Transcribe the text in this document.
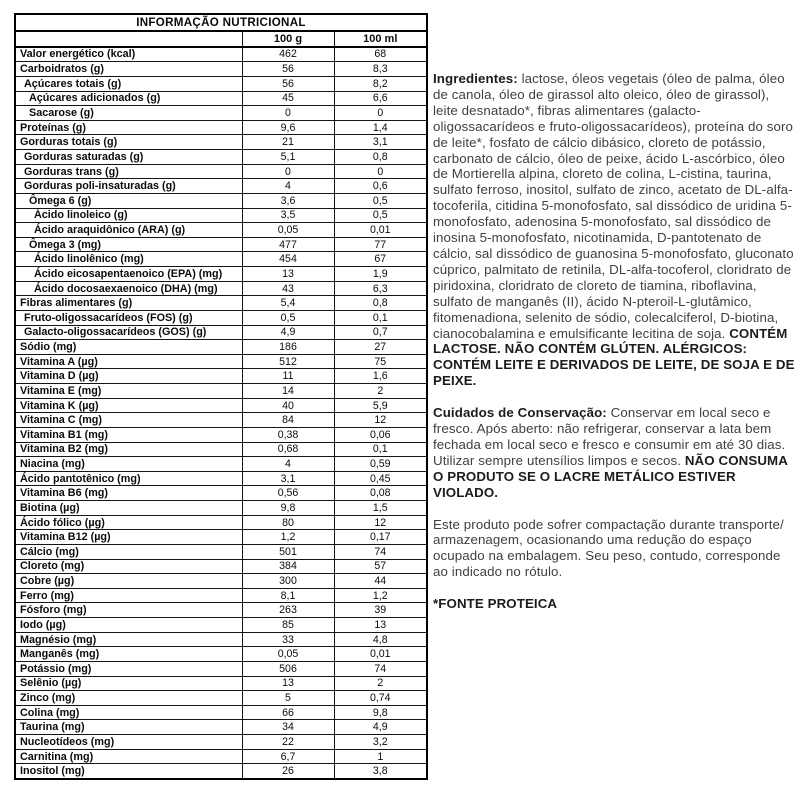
INFORMAÇÃO NUTRICIONAL		
	100 g	100 ml
Valor energético (kcal)	462	68
Carboidratos (g)	56	8,3
Açúcares totais (g)	56	8,2
Açúcares adicionados (g)	45	6,6
Sacarose (g)	0	0
Proteínas (g)	9,6	1,4
Gorduras totais (g)	21	3,1
Gorduras saturadas (g)	5,1	0,8
Gorduras trans (g)	0	0
Gorduras poli-insaturadas (g)	4	0,6
Ômega 6 (g)	3,6	0,5
Ácido linoleico (g)	3,5	0,5
Ácido araquidônico (ARA) (g)	0,05	0,01
Ômega 3 (mg)	477	77
Ácido linolênico (mg)	454	67
Ácido eicosapentaenoico (EPA) (mg)	13	1,9
Ácido docosaexaenoico (DHA) (mg)	43	6,3
Fibras alimentares (g)	5,4	0,8
Fruto-oligossacarídeos (FOS) (g)	0,5	0,1
Galacto-oligossacarídeos (GOS) (g)	4,9	0,7
Sódio (mg)	186	27
Vitamina A (µg)	512	75
Vitamina D (µg)	11	1,6
Vitamina E (mg)	14	2
Vitamina K (µg)	40	5,9
Vitamina C (mg)	84	12
Vitamina B1 (mg)	0,38	0,06
Vitamina B2 (mg)	0,68	0,1
Niacina (mg)	4	0,59
Ácido pantotênico (mg)	3,1	0,45
Vitamina B6 (mg)	0,56	0,08
Biotina (µg)	9,8	1,5
Ácido fólico (µg)	80	12
Vitamina B12 (µg)	1,2	0,17
Cálcio (mg)	501	74
Cloreto (mg)	384	57
Cobre (µg)	300	44
Ferro (mg)	8,1	1,2
Fósforo (mg)	263	39
Iodo (µg)	85	13
Magnésio (mg)	33	4,8
Manganês (mg)	0,05	0,01
Potássio (mg)	506	74
Selênio (µg)	13	2
Zinco (mg)	5	0,74
Colina (mg)	66	9,8
Taurina (mg)	34	4,9
Nucleotídeos (mg)	22	3,2
Carnitina (mg)	6,7	1
Inositol (mg)	26	3,8

Ingredientes: lactose, óleos vegetais (óleo de palma, óleo de canola, óleo de girassol alto oleico, óleo de girassol), leite desnatado*, fibras alimentares (galacto-oligossacarídeos e fruto-oligossacarídeos), proteína do soro de leite*, fosfato de cálcio dibásico, cloreto de potássio, carbonato de cálcio, óleo de peixe, ácido L-ascórbico, óleo de Mortierella alpina, cloreto de colina, L-cistina, taurina, sulfato ferroso, inositol, sulfato de zinco, acetato de DL-alfa-tocoferila, citidina 5-monofosfato, sal dissódico de uridina 5-monofosfato, adenosina 5-monofosfato, sal dissódico de inosina 5-monofosfato, nicotinamida, D-pantotenato de cálcio, sal dissódico de guanosina 5-monofosfato, gluconato cúprico, palmitato de retinila, DL-alfa-tocoferol, cloridrato de piridoxina, cloridrato de cloreto de tiamina, riboflavina, sulfato de manganês (II), ácido N-pteroil-L-glutâmico, fitomenadiona, selenito de sódio, colecalciferol, D-biotina, cianocobalamina e emulsificante lecitina de soja. CONTÉM LACTOSE. NÃO CONTÉM GLÚTEN. ALÉRGICOS: CONTÉM LEITE E DERIVADOS DE LEITE, DE SOJA E DE PEIXE.

Cuidados de Conservação: Conservar em local seco e fresco. Após aberto: não refrigerar, conservar a lata bem fechada em local seco e fresco e consumir em até 30 dias. Utilizar sempre utensílios limpos e secos. NÃO CONSUMA O PRODUTO SE O LACRE METÁLICO ESTIVER VIOLADO.

Este produto pode sofrer compactação durante transporte/ armazenagem, ocasionando uma redução do espaço ocupado na embalagem. Seu peso, contudo, corresponde ao indicado no rótulo.

*FONTE PROTEICA
